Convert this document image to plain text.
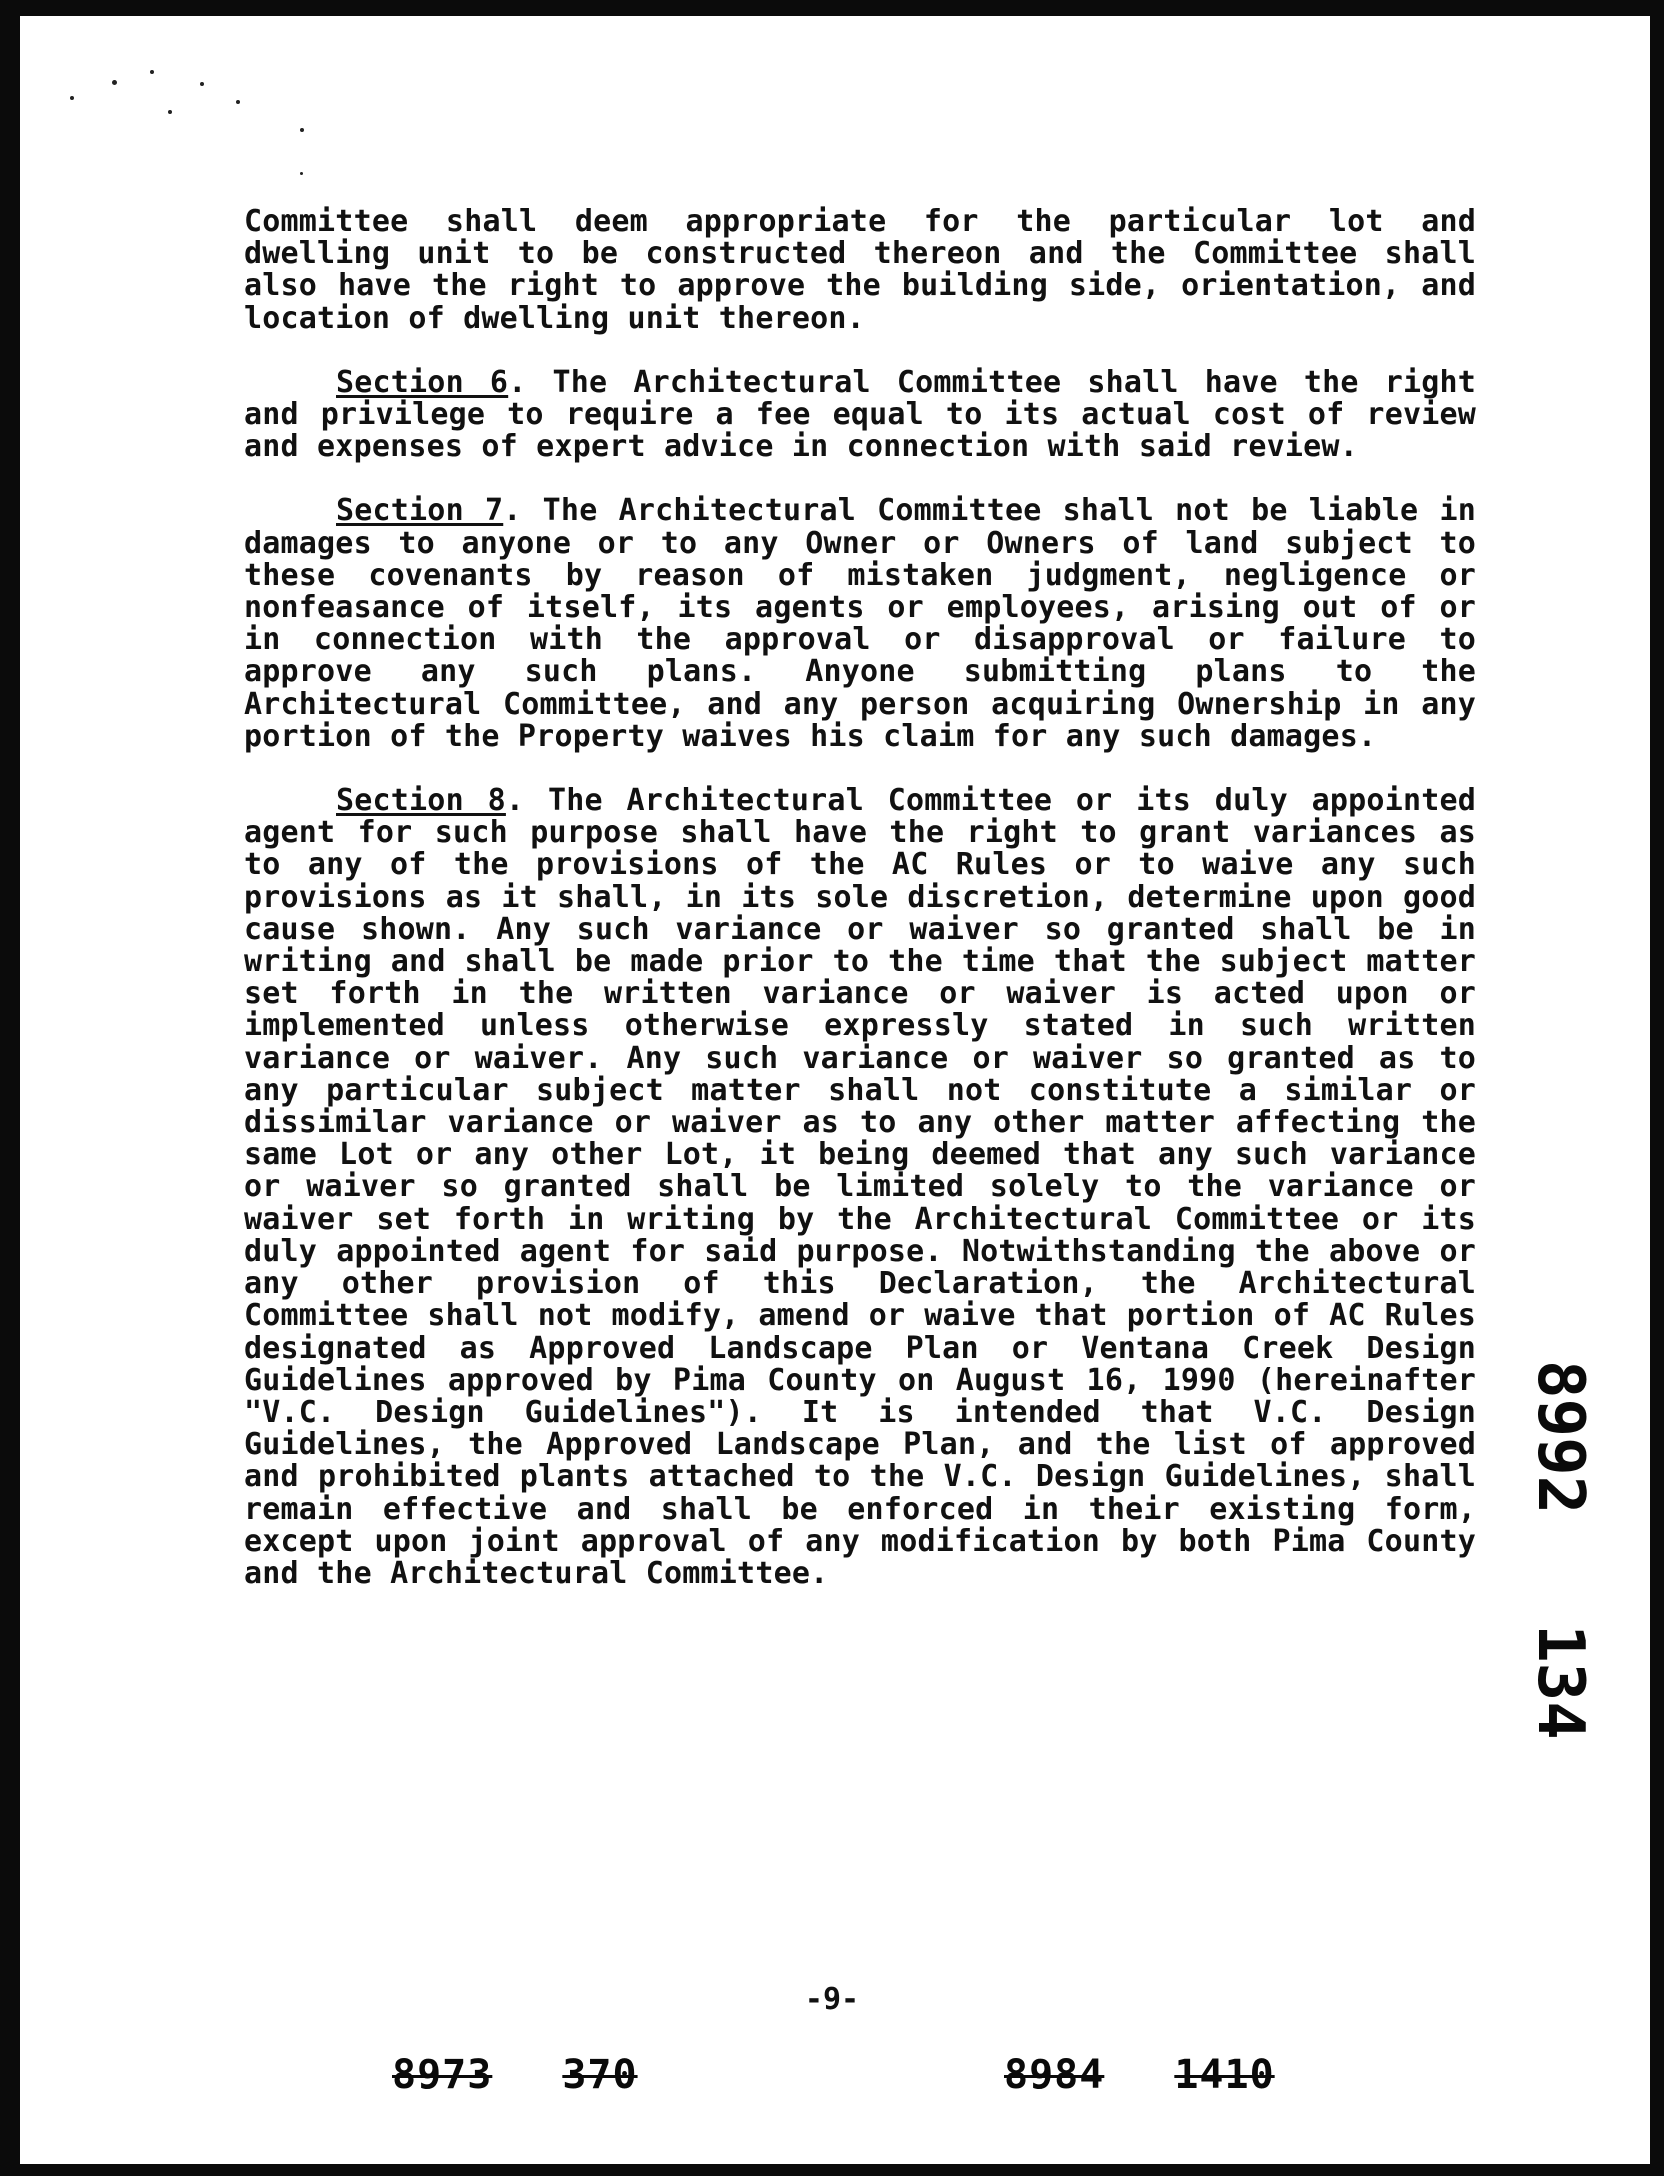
Committee shall deem appropriate for the particular lot and dwelling unit to be constructed thereon and the Committee shall also have the right to approve the building side, orientation, and location of dwelling unit thereon.

Section 6. The Architectural Committee shall have the right and privilege to require a fee equal to its actual cost of review and expenses of expert advice in connection with said review.

Section 7. The Architectural Committee shall not be liable in damages to anyone or to any Owner or Owners of land subject to these covenants by reason of mistaken judgment, negligence or nonfeasance of itself, its agents or employees, arising out of or in connection with the approval or disapproval or failure to approve any such plans. Anyone submitting plans to the Architectural Committee, and any person acquiring Ownership in any portion of the Property waives his claim for any such damages.

Section 8. The Architectural Committee or its duly appointed agent for such purpose shall have the right to grant variances as to any of the provisions of the AC Rules or to waive any such provisions as it shall, in its sole discretion, determine upon good cause shown. Any such variance or waiver so granted shall be in writing and shall be made prior to the time that the subject matter set forth in the written variance or waiver is acted upon or implemented unless otherwise expressly stated in such written variance or waiver. Any such variance or waiver so granted as to any particular subject matter shall not constitute a similar or dissimilar variance or waiver as to any other matter affecting the same Lot or any other Lot, it being deemed that any such variance or waiver so granted shall be limited solely to the variance or waiver set forth in writing by the Architectural Committee or its duly appointed agent for said purpose. Notwithstanding the above or any other provision of this Declaration, the Architectural Committee shall not modify, amend or waive that portion of AC Rules designated as Approved Landscape Plan or Ventana Creek Design Guidelines approved by Pima County on August 16, 1990 (hereinafter "V.C. Design Guidelines"). It is intended that V.C. Design Guidelines, the Approved Landscape Plan, and the list of approved and prohibited plants attached to the V.C. Design Guidelines, shall remain effective and shall be enforced in their existing form, except upon joint approval of any modification by both Pima County and the Architectural Committee.

8992134
-9-
8973 370	8984 1410
